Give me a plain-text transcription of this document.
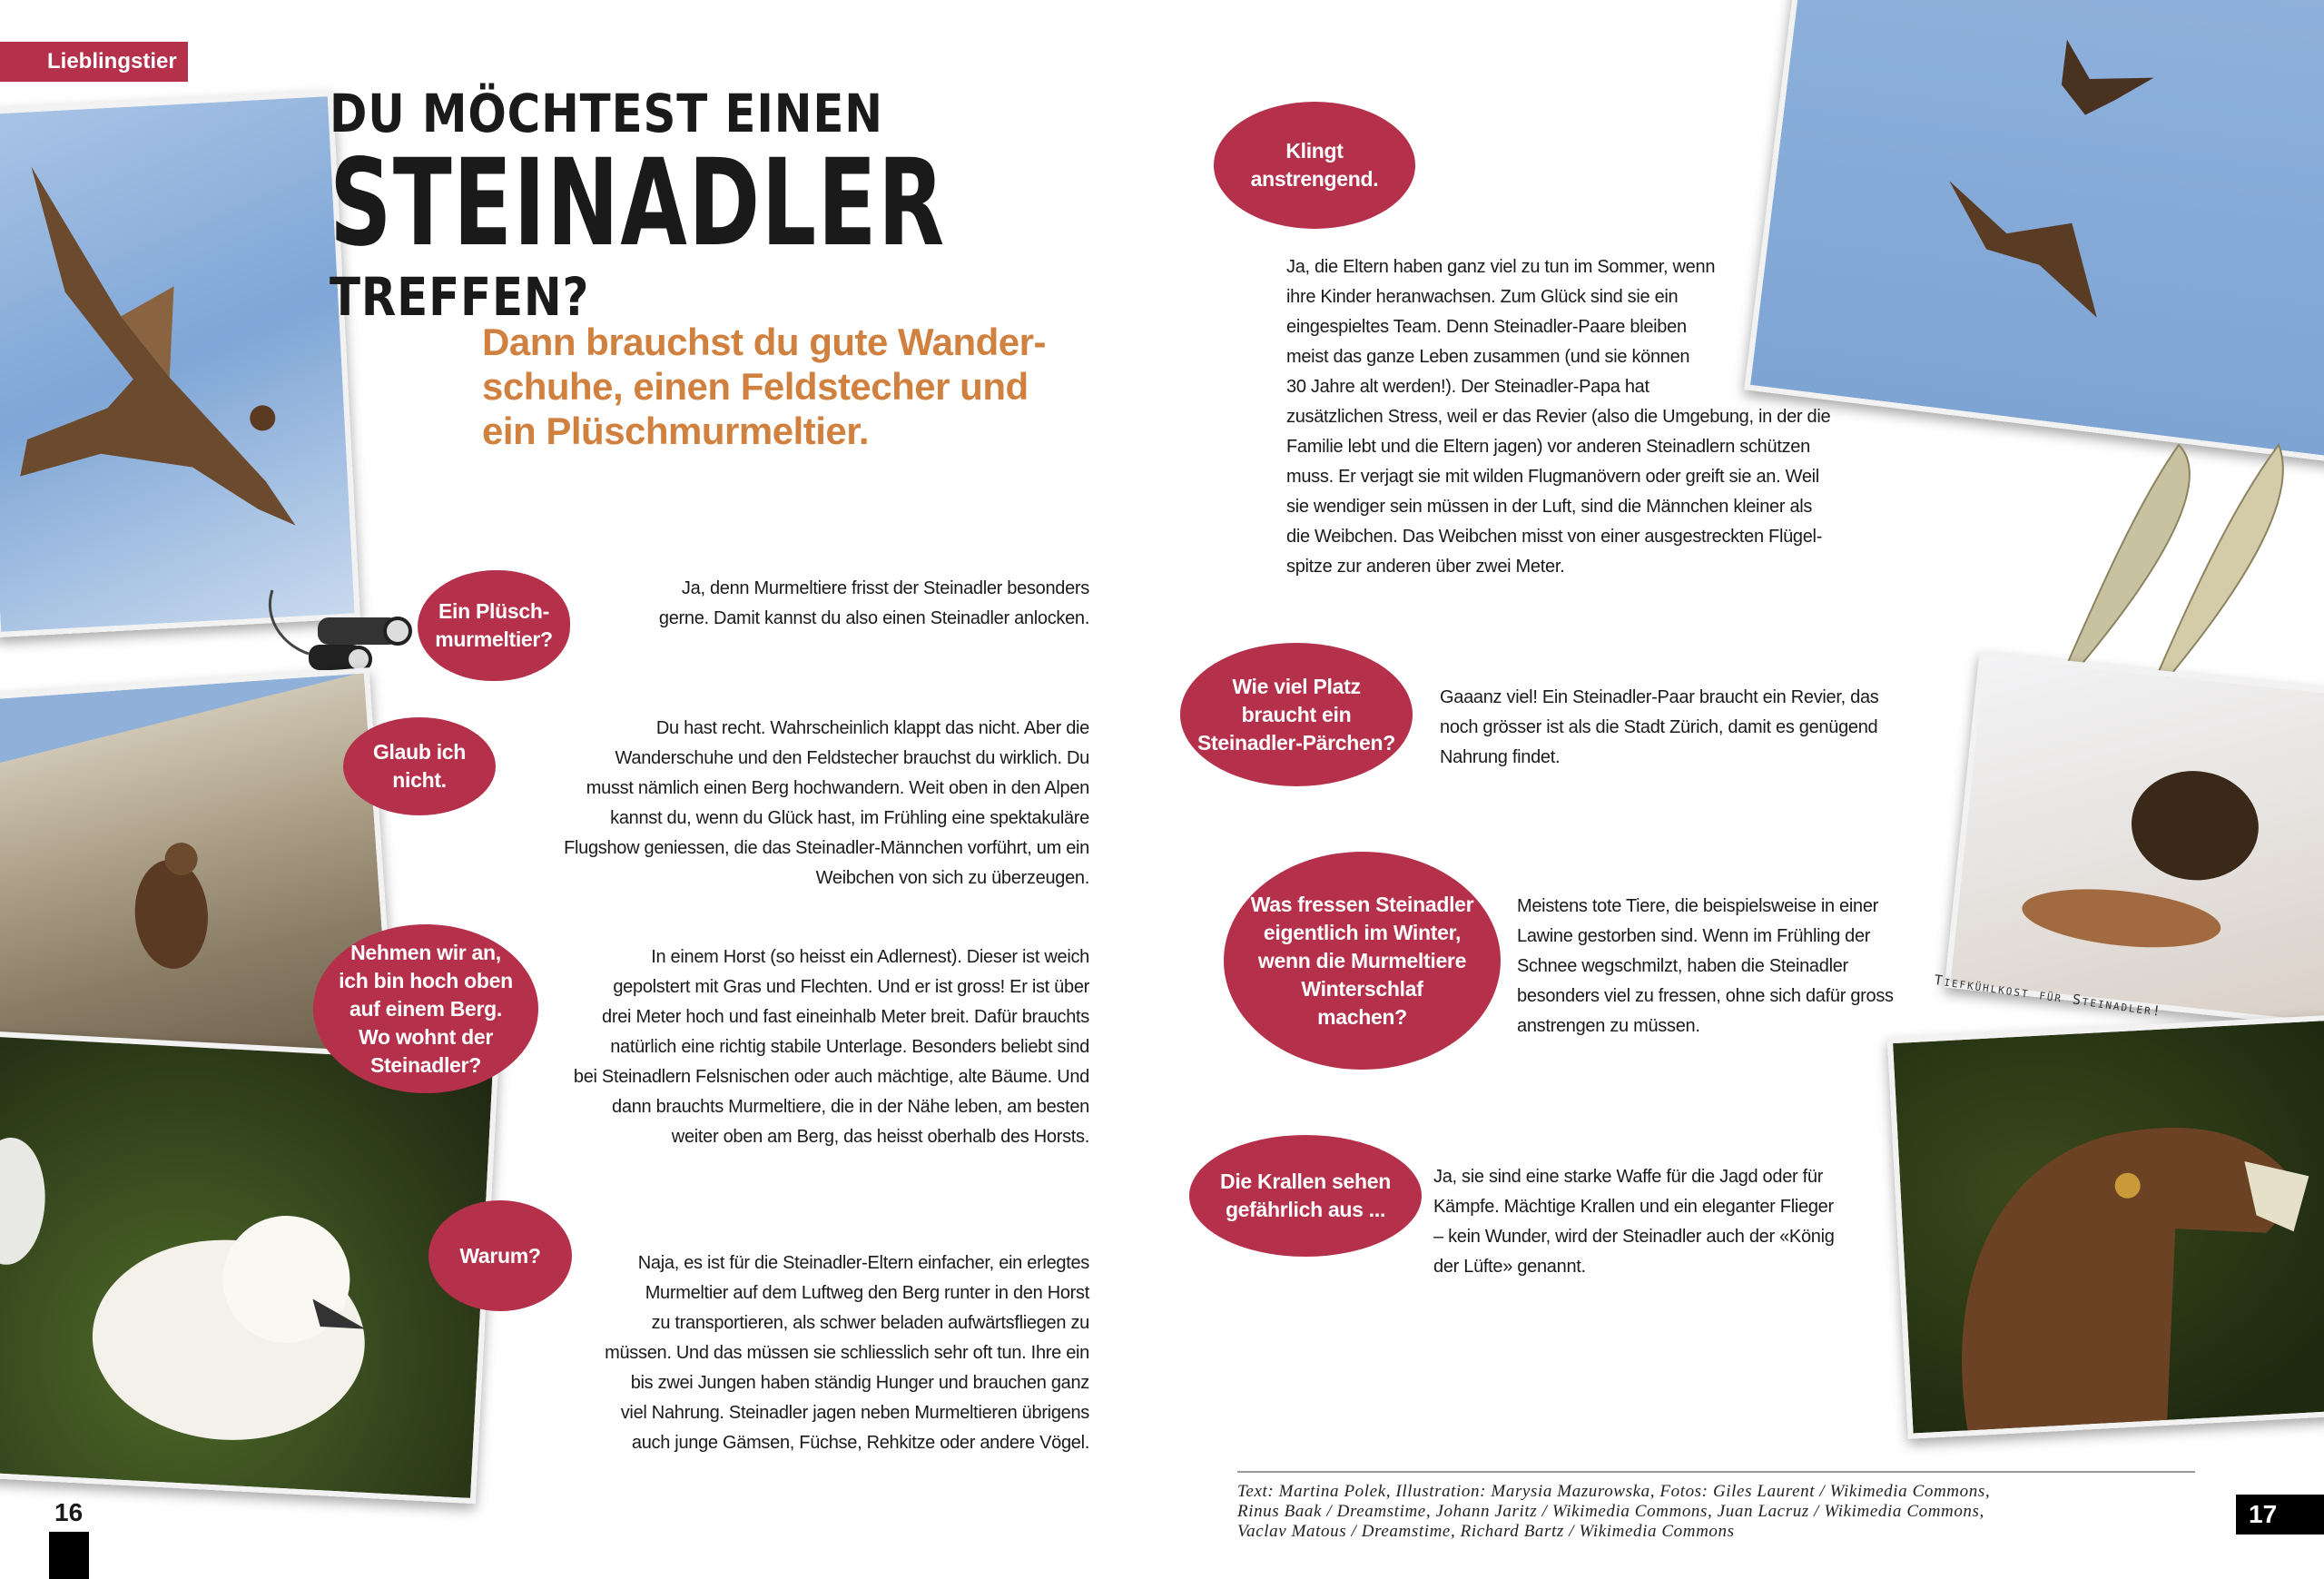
Lieblingstier
DU MÖCHTEST EINEN
STEINADLER
TREFFEN?
Dann brauchst du gute Wander-
schuhe, einen Feldstecher und
ein Plüschmurmeltier.
Ein Plüsch-
murmeltier?
Ja, denn Murmeltiere frisst der Steinadler besonders
gerne. Damit kannst du also einen Steinadler anlocken.
Glaub ich
nicht.
Du hast recht. Wahrscheinlich klappt das nicht. Aber die
Wanderschuhe und den Feldstecher brauchst du wirklich. Du
musst nämlich einen Berg hochwandern. Weit oben in den Alpen
kannst du, wenn du Glück hast, im Frühling eine spektakuläre
Flugshow geniessen, die das Steinadler-Männchen vorführt, um ein
Weibchen von sich zu überzeugen.
Nehmen wir an,
ich bin hoch oben
auf einem Berg.
Wo wohnt der
Steinadler?
In einem Horst (so heisst ein Adlernest). Dieser ist weich
gepolstert mit Gras und Flechten. Und er ist gross! Er ist über
drei Meter hoch und fast eineinhalb Meter breit. Dafür brauchts
natürlich eine richtig stabile Unterlage. Besonders beliebt sind
bei Steinadlern Felsnischen oder auch mächtige, alte Bäume. Und
dann brauchts Murmeltiere, die in der Nähe leben, am besten
weiter oben am Berg, das heisst oberhalb des Horsts.
Warum?	Naja, es ist für die Steinadler-Eltern einfacher, ein erlegtes
Murmeltier auf dem Luftweg den Berg runter in den Horst
zu transportieren, als schwer beladen aufwärtsfliegen zu
müssen. Und das müssen sie schliesslich sehr oft tun. Ihre ein
bis zwei Jungen haben ständig Hunger und brauchen ganz
viel Nahrung. Steinadler jagen neben Murmeltieren übrigens
auch junge Gämsen, Füchse, Rehkitze oder andere Vögel.
16
Tiefkühlkost für Steinadler!
Klingt
anstrengend.
Ja, die Eltern haben ganz viel zu tun im Sommer, wenn
ihre Kinder heranwachsen. Zum Glück sind sie ein
eingespieltes Team. Denn Steinadler-Paare bleiben
meist das ganze Leben zusammen (und sie können
30 Jahre alt werden!). Der Steinadler-Papa hat
zusätzlichen Stress, weil er das Revier (also die Umgebung, in der die
Familie lebt und die Eltern jagen) vor anderen Steinadlern schützen
muss. Er verjagt sie mit wilden Flugmanövern oder greift sie an. Weil
sie wendiger sein müssen in der Luft, sind die Männchen kleiner als
die Weibchen. Das Weibchen misst von einer ausgestreckten Flügel-
spitze zur anderen über zwei Meter.
Wie viel Platz
braucht ein
Steinadler-Pärchen?
Gaaanz viel! Ein Steinadler-Paar braucht ein Revier, das
noch grösser ist als die Stadt Zürich, damit es genügend
Nahrung findet.
Was fressen Steinadler
eigentlich im Winter,
wenn die Murmeltiere
Winterschlaf
machen?
Meistens tote Tiere, die beispielsweise in einer
Lawine gestorben sind. Wenn im Frühling der
Schnee wegschmilzt, haben die Steinadler
besonders viel zu fressen, ohne sich dafür gross
anstrengen zu müssen.
Die Krallen sehen
gefährlich aus ...
Ja, sie sind eine starke Waffe für die Jagd oder für
Kämpfe. Mächtige Krallen und ein eleganter Flieger
– kein Wunder, wird der Steinadler auch der «König
der Lüfte» genannt.
Text: Martina Polek, Illustration: Marysia Mazurowska, Fotos: Giles Laurent / Wikimedia Commons,
Rinus Baak / Dreamstime, Johann Jaritz / Wikimedia Commons, Juan Lacruz / Wikimedia Commons,
Vaclav Matous / Dreamstime, Richard Bartz / Wikimedia Commons
17
